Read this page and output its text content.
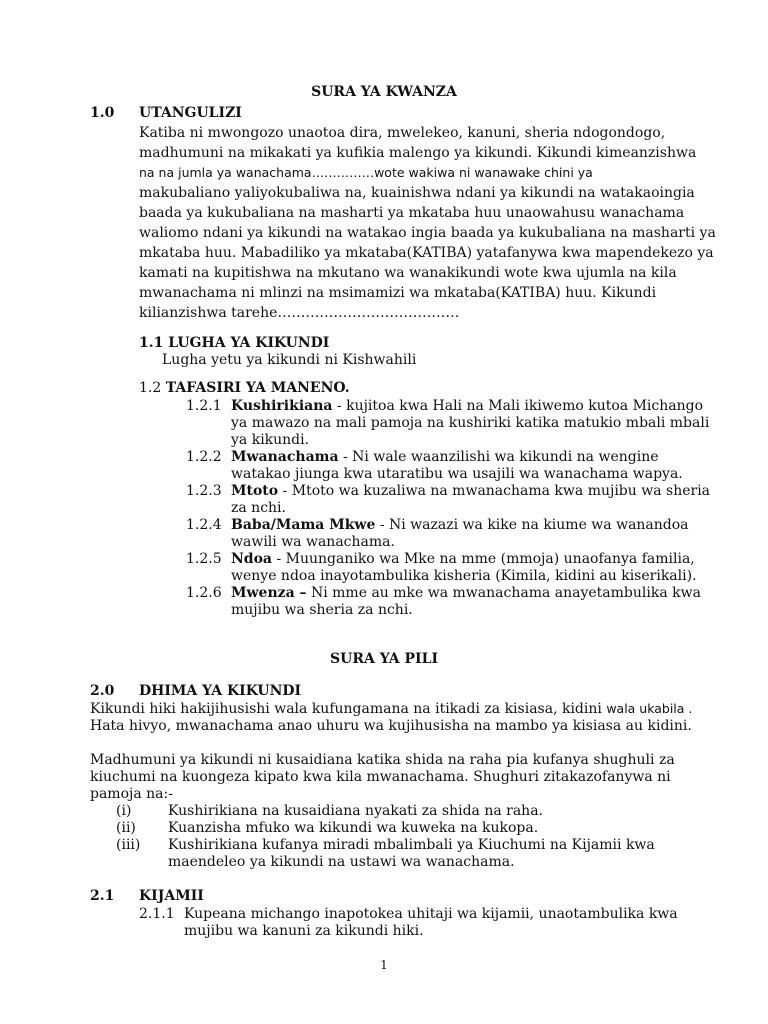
SURA YA KWANZA
1.0 UTANGULIZI
Katiba ni mwongozo unaotoa dira, mwelekeo, kanuni, sheria ndogondogo,
madhumuni na mikakati ya kufikia malengo ya kikundi. Kikundi kimeanzishwa
na na jumla ya wanachama……………wote wakiwa ni wanawake chini ya
makubaliano yaliyokubaliwa na, kuainishwa ndani ya kikundi na watakaoingia
baada ya kukubaliana na masharti ya mkataba huu unaowahusu wanachama
waliomo ndani ya kikundi na watakao ingia baada ya kukubaliana na masharti ya
mkataba huu. Mabadiliko ya mkataba(KATIBA) yatafanywa kwa mapendekezo ya
kamati na kupitishwa na mkutano wa wanakikundi wote kwa ujumla na kila
mwanachama ni mlinzi na msimamizi wa mkataba(KATIBA) huu. Kikundi
kilianzishwa tarehe…………………………………
1.1 LUGHA YA KIKUNDI
Lugha yetu ya kikundi ni Kishwahili
1.2 TAFASIRI YA MANENO.
1.2.1 Kushirikiana - kujitoa kwa Hali na Mali ikiwemo kutoa Michango
ya mawazo na mali pamoja na kushiriki katika matukio mbali mbali
ya kikundi.
1.2.2 Mwanachama - Ni wale waanzilishi wa kikundi na wengine
watakao jiunga kwa utaratibu wa usajili wa wanachama wapya.
1.2.3 Mtoto - Mtoto wa kuzaliwa na mwanachama kwa mujibu wa sheria
za nchi.
1.2.4 Baba/Mama Mkwe - Ni wazazi wa kike na kiume wa wanandoa
wawili wa wanachama.
1.2.5 Ndoa - Muunganiko wa Mke na mme (mmoja) unaofanya familia,
wenye ndoa inayotambulika kisheria (Kimila, kidini au kiserikali).
1.2.6 Mwenza – Ni mme au mke wa mwanachama anayetambulika kwa
mujibu wa sheria za nchi.
SURA YA PILI
2.0 DHIMA YA KIKUNDI
Kikundi hiki hakijihusishi wala kufungamana na itikadi za kisiasa, kidini wala ukabila .
Hata hivyo, mwanachama anao uhuru wa kujihusisha na mambo ya kisiasa au kidini.
Madhumuni ya kikundi ni kusaidiana katika shida na raha pia kufanya shughuli za
kiuchumi na kuongeza kipato kwa kila mwanachama. Shughuri zitakazofanywa ni
pamoja na:-
(i)	Kushirikiana na kusaidiana nyakati za shida na raha.
(ii) Kuanzisha mfuko wa kikundi wa kuweka na kukopa.
(iii) Kushirikiana kufanya miradi mbalimbali ya Kiuchumi na Kijamii kwa
maendeleo ya kikundi na ustawi wa wanachama.
2.1 KIJAMII
2.1.1 Kupeana michango inapotokea uhitaji wa kijamii, unaotambulika kwa
mujibu wa kanuni za kikundi hiki.
1
